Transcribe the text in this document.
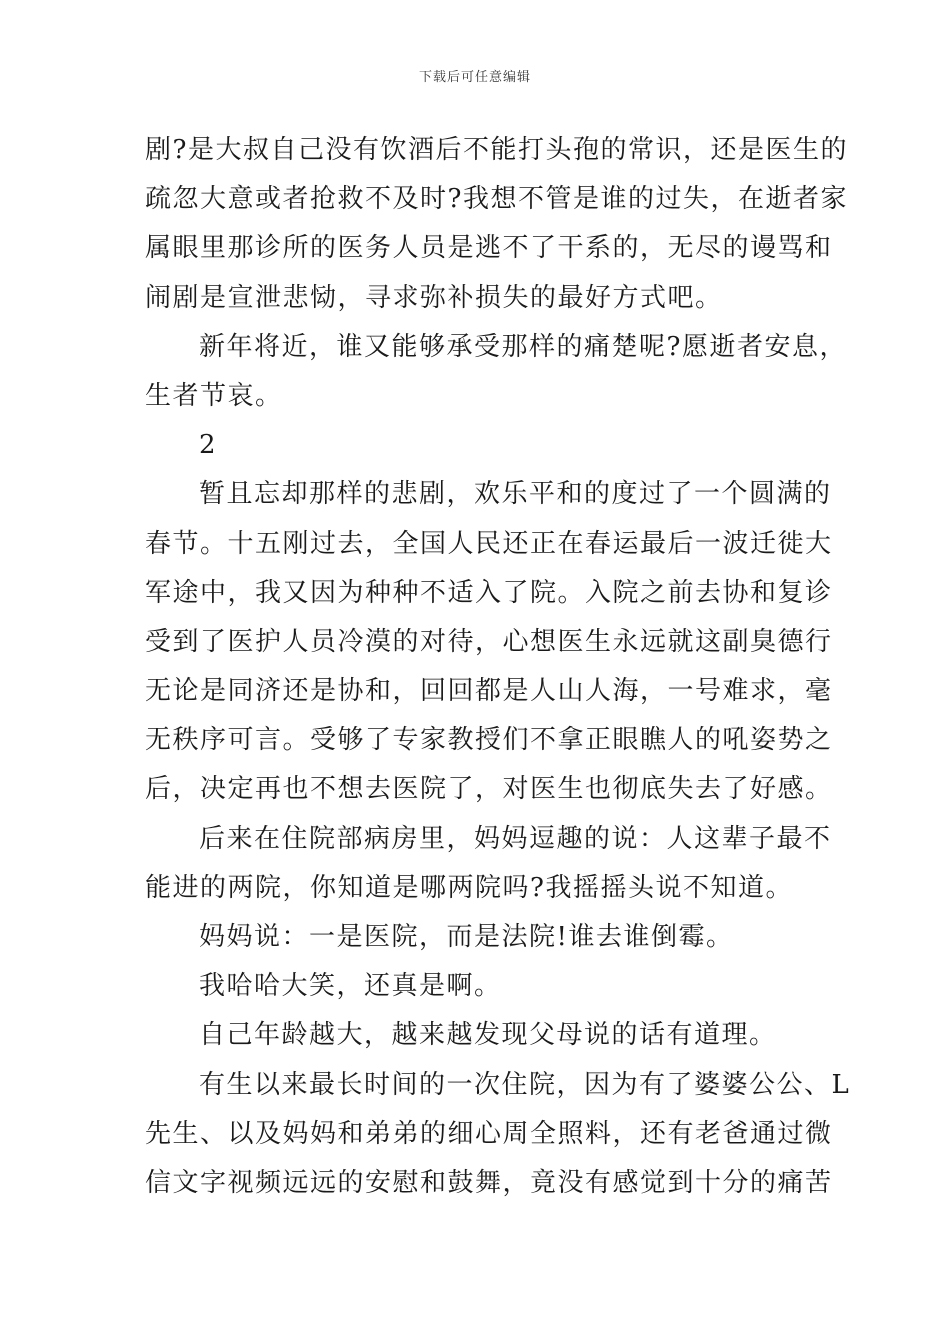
下载后可任意编辑
剧?是大叔自己没有饮酒后不能打头孢的常识，还是医生的
疏忽大意或者抢救不及时?我想不管是谁的过失，在逝者家
属眼里那诊所的医务人员是逃不了干系的，无尽的谩骂和
闹剧是宣泄悲恸，寻求弥补损失的最好方式吧。
新年将近，谁又能够承受那样的痛楚呢?愿逝者安息，
生者节哀。
2
暂且忘却那样的悲剧，欢乐平和的度过了一个圆满的
春节。十五刚过去，全国人民还正在春运最后一波迁徙大
军途中，我又因为种种不适入了院。入院之前去协和复诊
受到了医护人员冷漠的对待，心想医生永远就这副臭德行
无论是同济还是协和，回回都是人山人海，一号难求，毫
无秩序可言。受够了专家教授们不拿正眼瞧人的吼姿势之
后，决定再也不想去医院了，对医生也彻底失去了好感。
后来在住院部病房里，妈妈逗趣的说：人这辈子最不
能进的两院，你知道是哪两院吗?我摇摇头说不知道。
妈妈说：一是医院，而是法院!谁去谁倒霉。
我哈哈大笑，还真是啊。
自己年龄越大，越来越发现父母说的话有道理。
有生以来最长时间的一次住院，因为有了婆婆公公、L
先生、以及妈妈和弟弟的细心周全照料，还有老爸通过微
信文字视频远远的安慰和鼓舞，竟没有感觉到十分的痛苦
